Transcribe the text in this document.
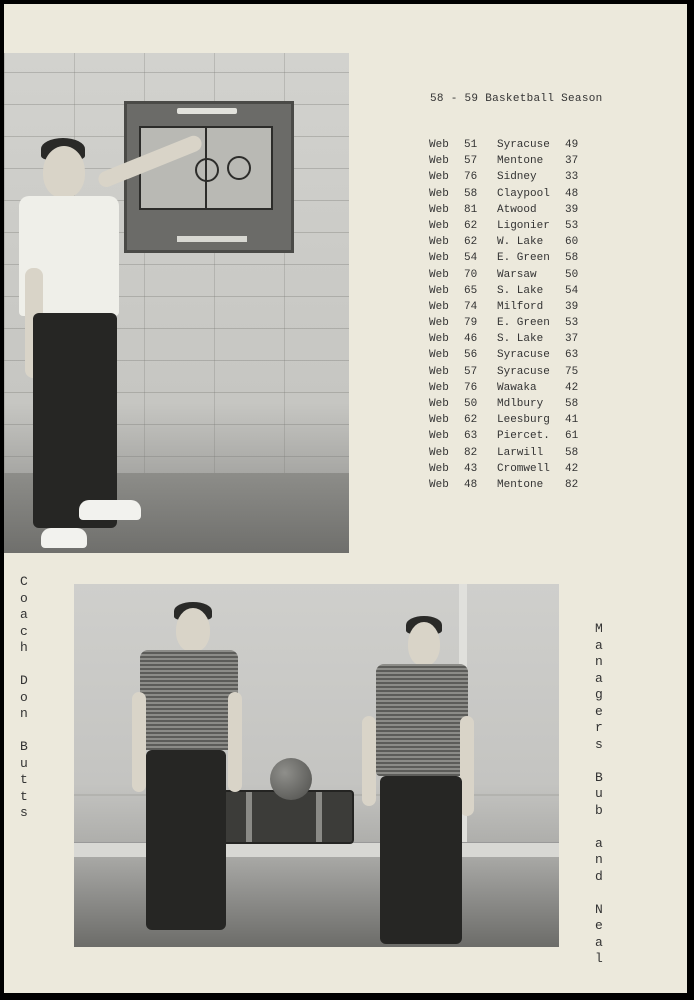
58 - 59 Basketball Season
Web 51 Syracuse 49
Web 57 Mentone 37
Web 76 Sidney	33
Web 58 Claypool 48
Web 81 Atwood	39
Web 62 Ligonier 53
Web 62 W. Lake 60
Web 54 E. Green 58
Web 70 Warsaw	50
Web 65 S. Lake 54
Web 74 Milford 39
Web 79 E. Green 53
Web 46 S. Lake 37
Web 56 Syracuse 63
Web 57 Syracuse 75
Web 76 Wawaka	42
Web 50 Mdlbury 58
Web 62 Leesburg 41
Web 63 Piercet. 61
Web 82 Larwill 58
Web 43 Cromwell 42
Web 48 Mentone 82
C
o
a
c
h

D
o
n

B
u
t
t
s
M
a
n
a
g
e
r
s

B
u
b

a
n
d

N
e
a
l
